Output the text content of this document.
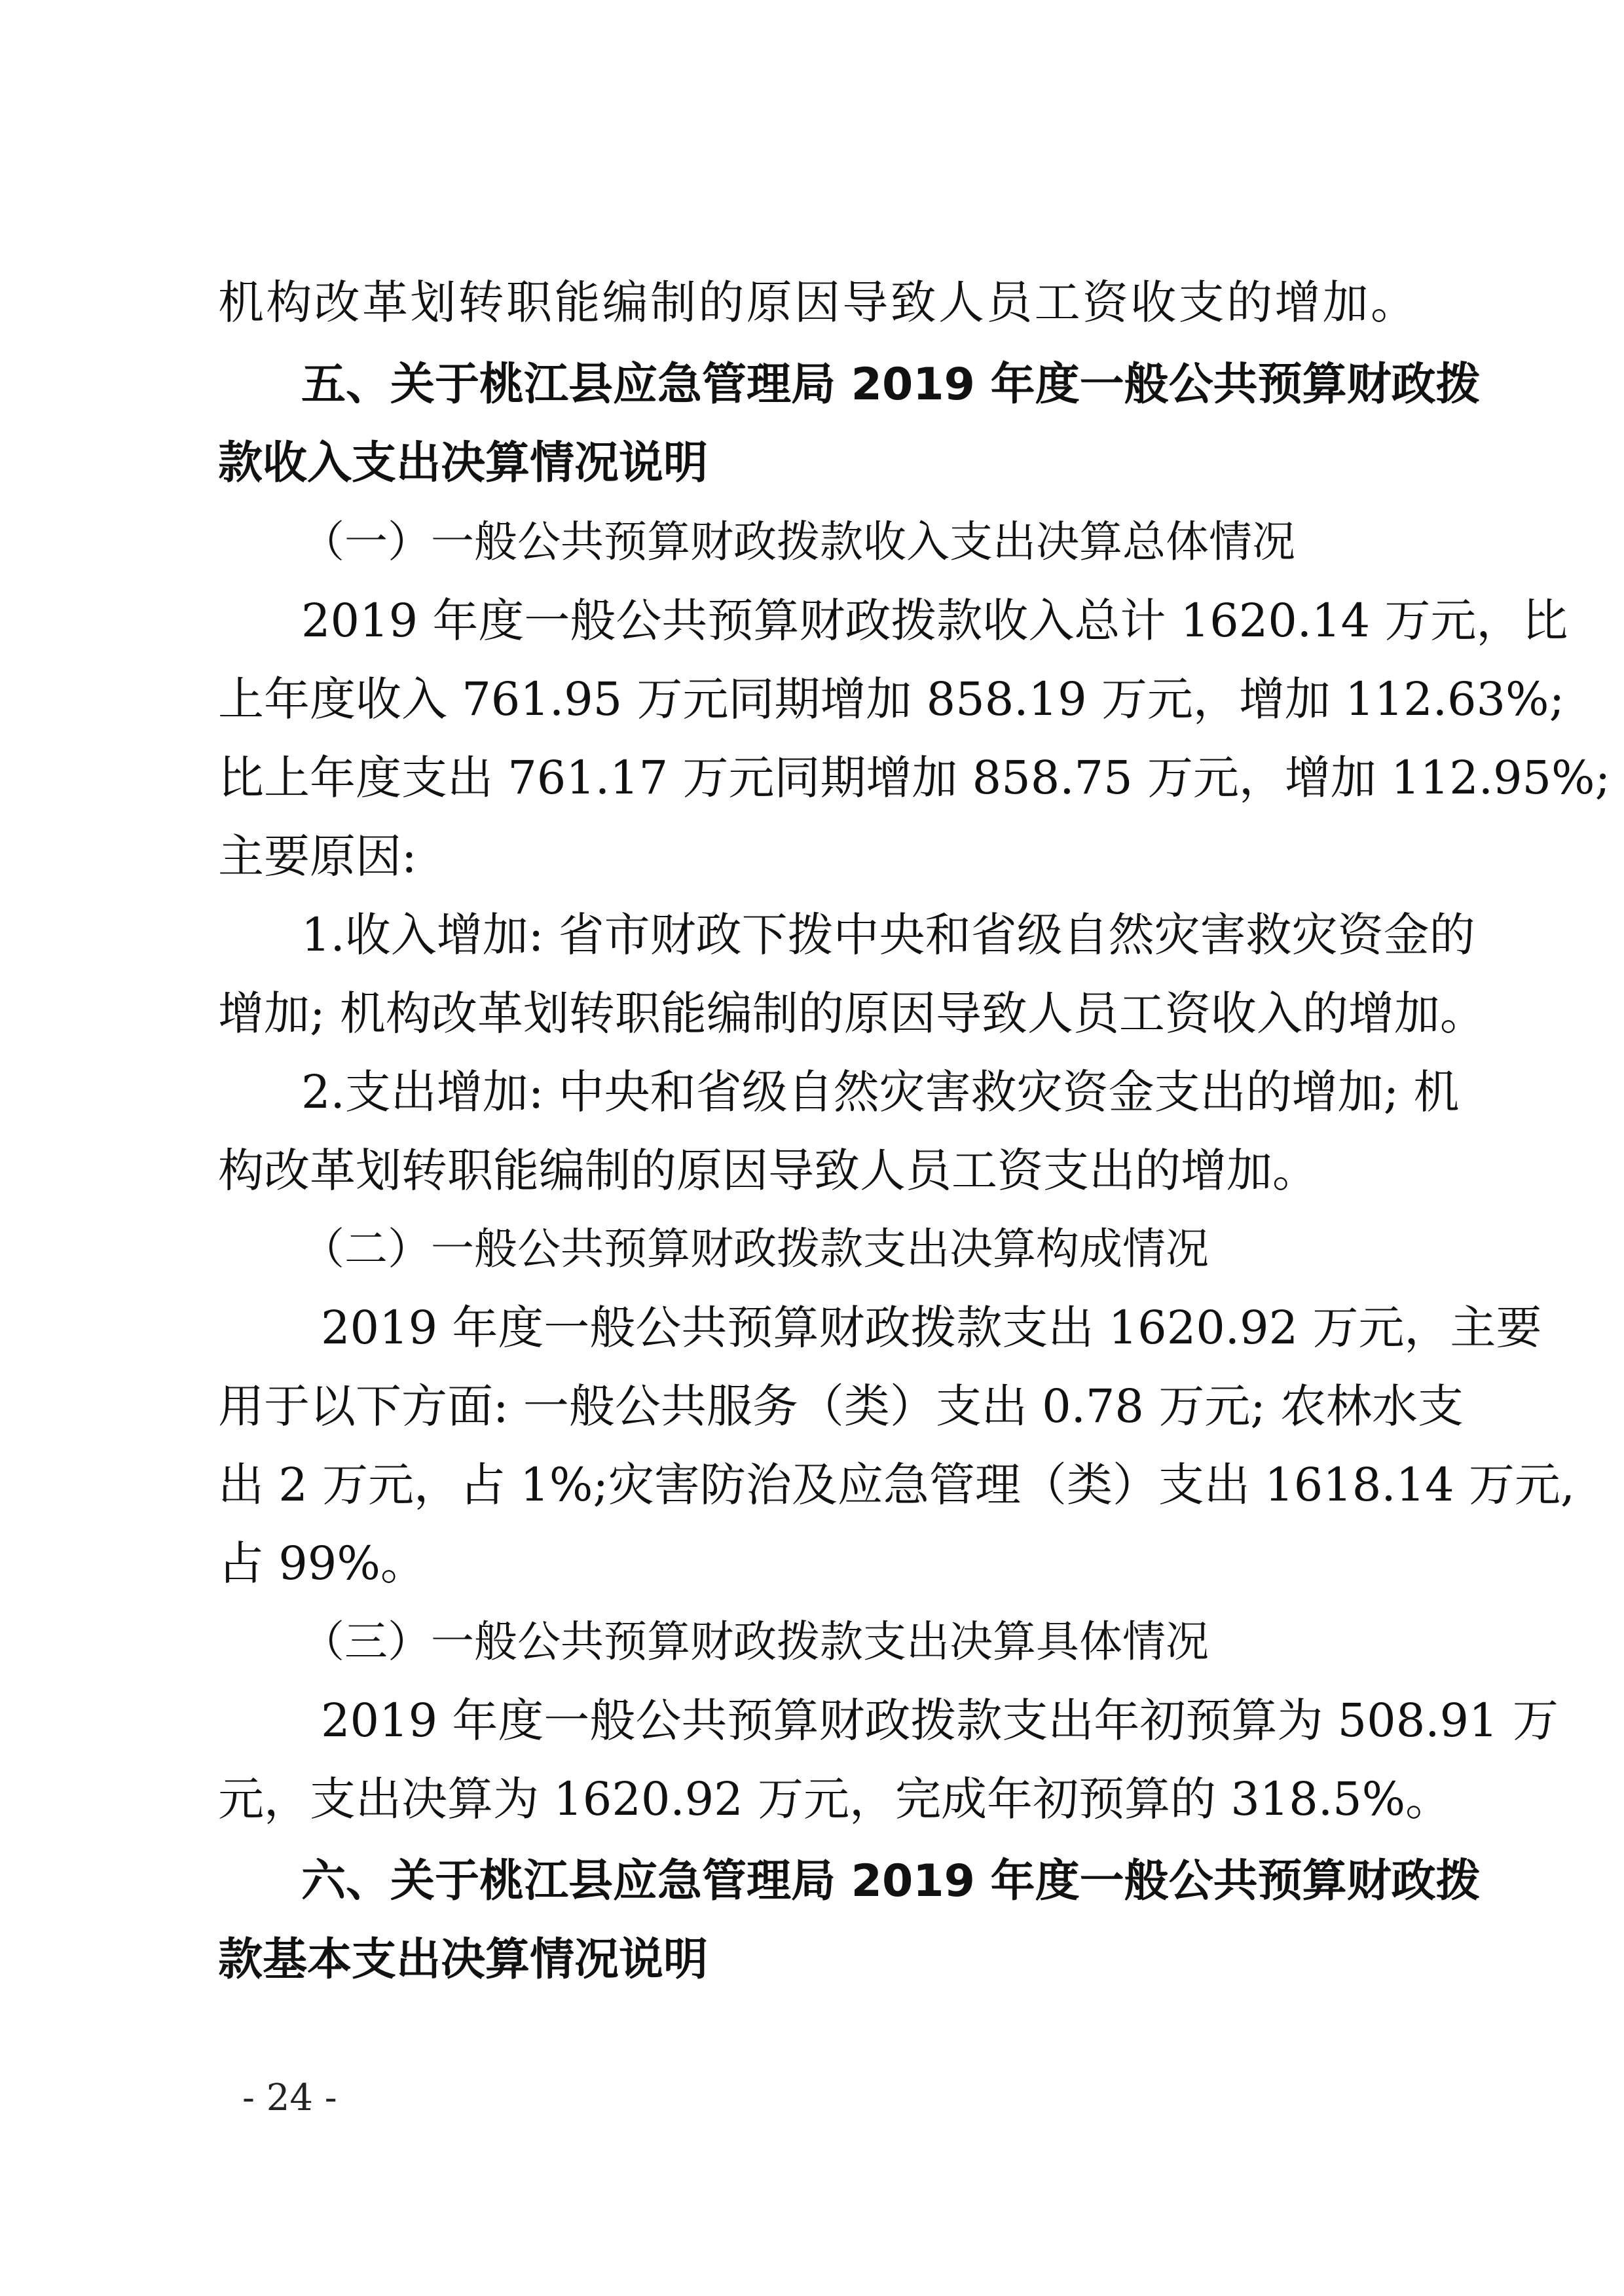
机构改革划转职能编制的原因导致人员工资收支的增加。
五、关于桃江县应急管理局 2019 年度一般公共预算财政拨
款收入支出决算情况说明
（一）一般公共预算财政拨款收入支出决算总体情况
2019 年度一般公共预算财政拨款收入总计 1620.14 万元，比
上年度收入 761.95 万元同期增加 858.19 万元，增加 112.63%;
比上年度支出 761.17 万元同期增加 858.75 万元，增加 112.95%;
主要原因:
1.收入增加: 省市财政下拨中央和省级自然灾害救灾资金的
增加; 机构改革划转职能编制的原因导致人员工资收入的增加。
2.支出增加: 中央和省级自然灾害救灾资金支出的增加; 机
构改革划转职能编制的原因导致人员工资支出的增加。
（二）一般公共预算财政拨款支出决算构成情况
2019 年度一般公共预算财政拨款支出 1620.92 万元，主要
用于以下方面: 一般公共服务（类）支出 0.78 万元; 农林水支
出 2 万元，占 1%;灾害防治及应急管理（类）支出 1618.14 万元,
占 99%。
（三）一般公共预算财政拨款支出决算具体情况
2019 年度一般公共预算财政拨款支出年初预算为 508.91 万
元，支出决算为 1620.92 万元，完成年初预算的 318.5%。
六、关于桃江县应急管理局 2019 年度一般公共预算财政拨
款基本支出决算情况说明
- 24 -
